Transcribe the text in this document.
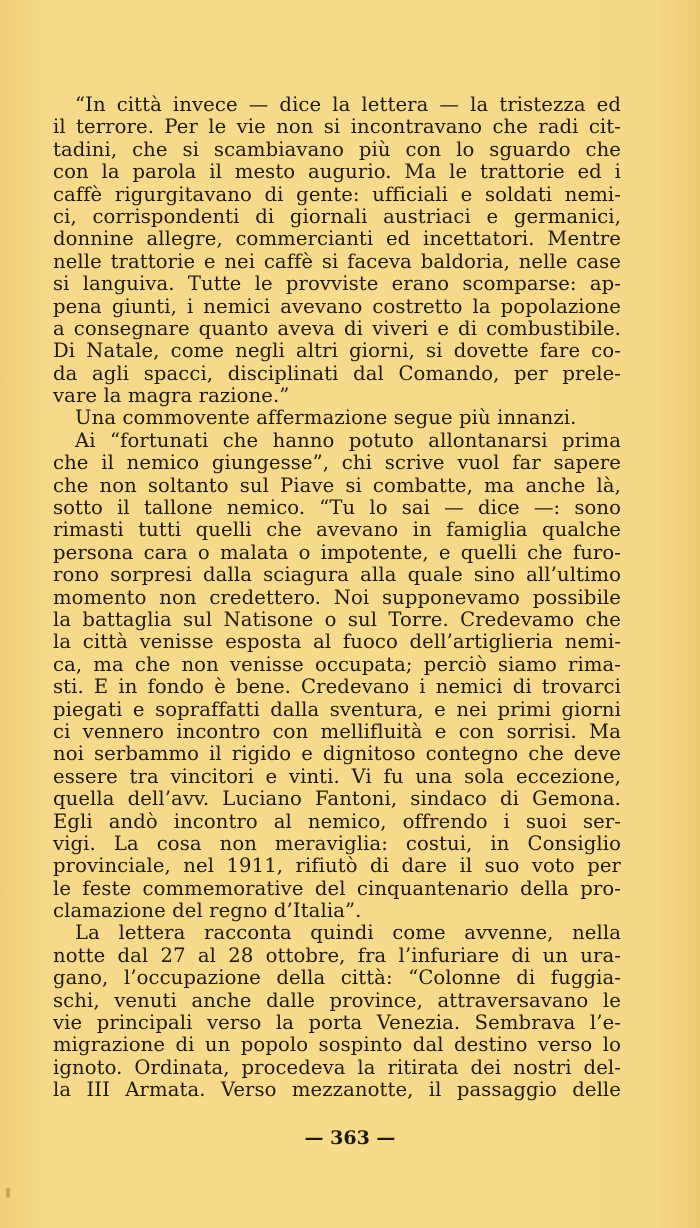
“In città invece — dice la lettera — la tristezza ed
il terrore. Per le vie non si incontravano che radi cit-
tadini, che si scambiavano più con lo sguardo che
con la parola il mesto augurio. Ma le trattorie ed i
caffè rigurgitavano di gente: ufficiali e soldati nemi-
ci, corrispondenti di giornali austriaci e germanici,
donnine allegre, commercianti ed incettatori. Mentre
nelle trattorie e nei caffè si faceva baldoria, nelle case
si languiva. Tutte le provviste erano scomparse: ap-
pena giunti, i nemici avevano costretto la popolazione
a consegnare quanto aveva di viveri e di combustibile.
Di Natale, come negli altri giorni, si dovette fare co-
da agli spacci, disciplinati dal Comando, per prele-
vare la magra razione.”
Una commovente affermazione segue più innanzi.
Ai “fortunati che hanno potuto allontanarsi prima
che il nemico giungesse”, chi scrive vuol far sapere
che non soltanto sul Piave si combatte, ma anche là,
sotto il tallone nemico. “Tu lo sai — dice —: sono
rimasti tutti quelli che avevano in famiglia qualche
persona cara o malata o impotente, e quelli che furo-
rono sorpresi dalla sciagura alla quale sino all’ultimo
momento non credettero. Noi supponevamo possibile
la battaglia sul Natisone o sul Torre. Credevamo che
la città venisse esposta al fuoco dell’artiglieria nemi-
ca, ma che non venisse occupata; perciò siamo rima-
sti. E in fondo è bene. Credevano i nemici di trovarci
piegati e sopraffatti dalla sventura, e nei primi giorni
ci vennero incontro con mellifluità e con sorrisi. Ma
noi serbammo il rigido e dignitoso contegno che deve
essere tra vincitori e vinti. Vi fu una sola eccezione,
quella dell’avv. Luciano Fantoni, sindaco di Gemona.
Egli andò incontro al nemico, offrendo i suoi ser-
vigi. La cosa non meraviglia: costui, in Consiglio
provinciale, nel 1911, rifiutò di dare il suo voto per
le feste commemorative del cinquantenario della pro-
clamazione del regno d’Italia”.
La lettera racconta quindi come avvenne, nella
notte dal 27 al 28 ottobre, fra l’infuriare di un ura-
gano, l’occupazione della città: “Colonne di fuggia-
schi, venuti anche dalle province, attraversavano le
vie principali verso la porta Venezia. Sembrava l’e-
migrazione di un popolo sospinto dal destino verso lo
ignoto. Ordinata, procedeva la ritirata dei nostri del-
la III Armata. Verso mezzanotte, il passaggio delle
— 363 —
